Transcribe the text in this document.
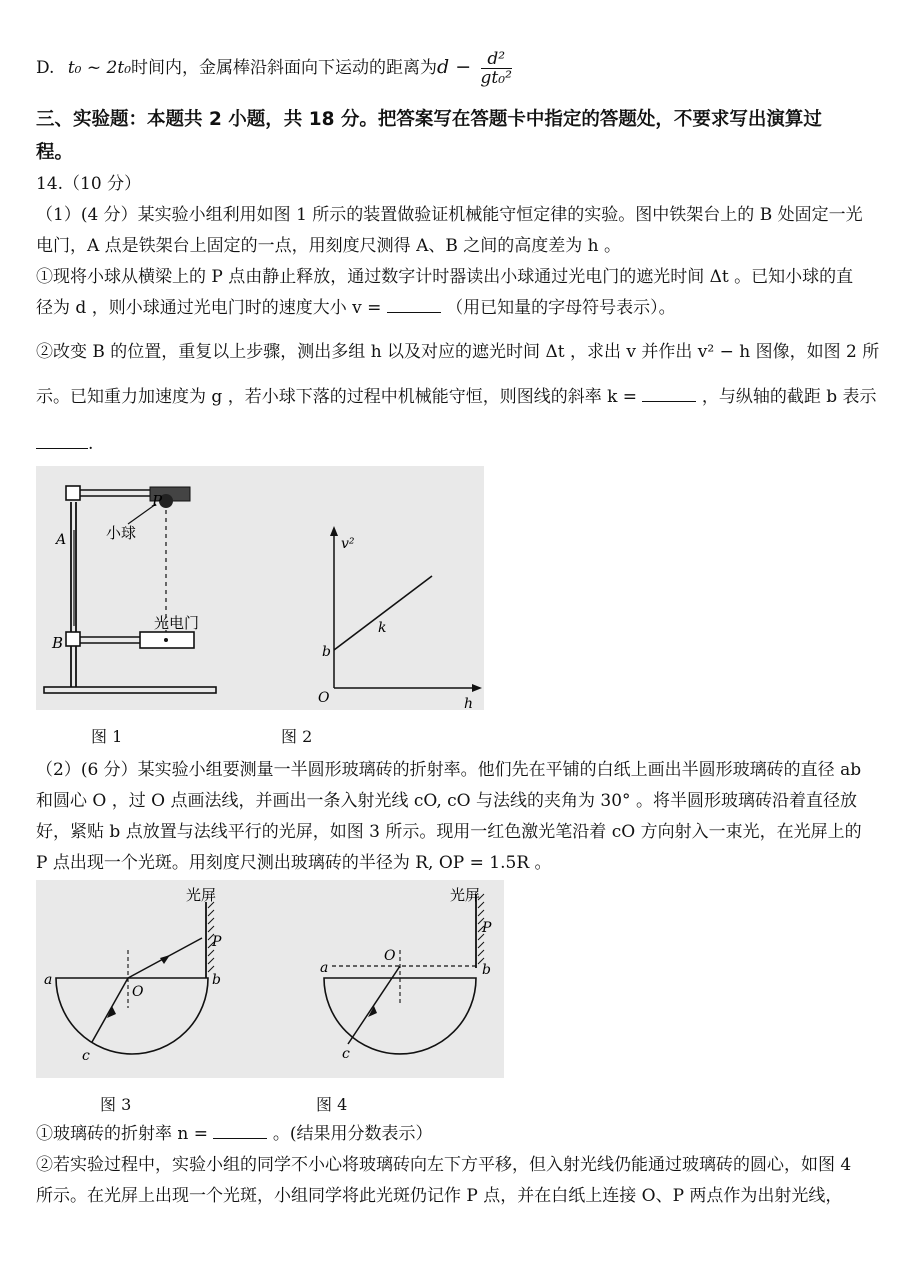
D. t₀ ~ 2t₀时间内，金属棒沿斜面向下运动的距离为$d - \frac{\text{d²}}{\text{gt₀²}}$
三、实验题：本题共 2 小题，共 18 分。把答案写在答题卡中指定的答题处，不要求写出演算过
程。
14.（10 分）
（1）(4 分）某实验小组利用如图 1 所示的装置做验证机械能守恒定律的实验。图中铁架台上的 B 处固定一光
电门，A 点是铁架台上固定的一点，用刻度尺测得 A、B 之间的高度差为 h 。
①现将小球从横梁上的 P 点由静止释放，通过数字计时器读出小球通过光电门的遮光时间 Δt 。已知小球的直
径为 d ，则小球通过光电门时的速度大小 v =	（用已知量的字母符号表示）。
②改变 B 的位置，重复以上步骤，测出多组 h 以及对应的遮光时间 Δt ，求出 v 并作出 v² − h 图像，如图 2 所
示。已知重力加速度为 g ，若小球下落的过程中机械能守恒，则图线的斜率 k =	，与纵轴的截距 b 表示
.
P
A
B
小球
光电门
v²
h
O
b
k
图 1	图 2
（2）(6 分）某实验小组要测量一半圆形玻璃砖的折射率。他们先在平铺的白纸上画出半圆形玻璃砖的直径 ab
和圆心 O ，过 O 点画法线，并画出一条入射光线 cO, cO 与法线的夹角为 30° 。将半圆形玻璃砖沿着直径放
好，紧贴 b 点放置与法线平行的光屏，如图 3 所示。现用一红色激光笔沿着 cO 方向射入一束光，在光屏上的
P 点出现一个光斑。用刻度尺测出玻璃砖的半径为 R, OP = 1.5R 。
光屏
P
a	b
O
c
光屏
P
a	b
O
c
图 3	图 4
①玻璃砖的折射率 n =	。(结果用分数表示）
②若实验过程中，实验小组的同学不小心将玻璃砖向左下方平移，但入射光线仍能通过玻璃砖的圆心，如图 4
所示。在光屏上出现一个光斑，小组同学将此光斑仍记作 P 点，并在白纸上连接 O、P 两点作为出射光线，
